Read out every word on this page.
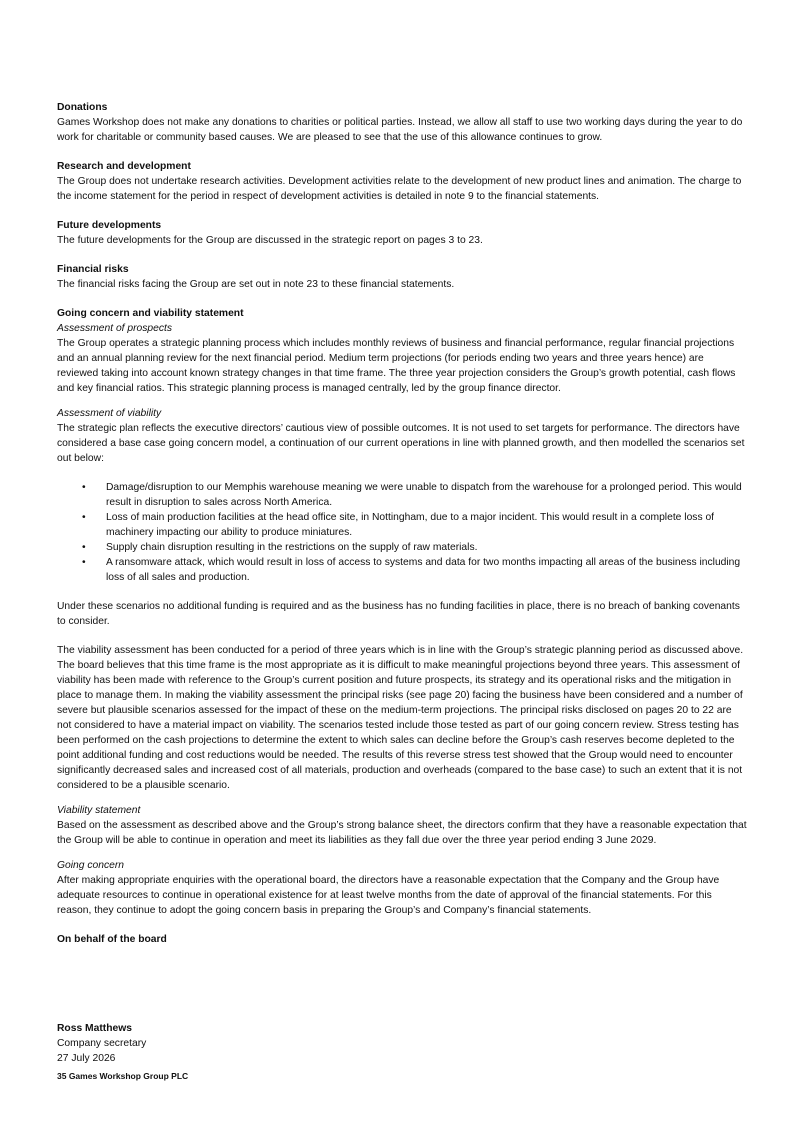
Donations

Games Workshop does not make any donations to charities or political parties. Instead, we allow all staff to use two working days during the year to do work for charitable or community based causes. We are pleased to see that the use of this allowance continues to grow.

Research and development

The Group does not undertake research activities. Development activities relate to the development of new product lines and animation. The charge to the income statement for the period in respect of development activities is detailed in note 9 to the financial statements.

Future developments

The future developments for the Group are discussed in the strategic report on pages 3 to 23.

Financial risks

The financial risks facing the Group are set out in note 23 to these financial statements.

Going concern and viability statement

Assessment of prospects

The Group operates a strategic planning process which includes monthly reviews of business and financial performance, regular financial projections and an annual planning review for the next financial period. Medium term projections (for periods ending two years and three years hence) are reviewed taking into account known strategy changes in that time frame. The three year projection considers the Group’s growth potential, cash flows and key financial ratios. This strategic planning process is managed centrally, led by the group finance director.

Assessment of viability

The strategic plan reflects the executive directors’ cautious view of possible outcomes. It is not used to set targets for performance. The directors have considered a base case going concern model, a continuation of our current operations in line with planned growth, and then modelled the scenarios set out below:

• Damage/disruption to our Memphis warehouse meaning we were unable to dispatch from the warehouse for a prolonged period. This would result in disruption to sales across North America.
• Loss of main production facilities at the head office site, in Nottingham, due to a major incident. This would result in a complete loss of machinery impacting our ability to produce miniatures.
• Supply chain disruption resulting in the restrictions on the supply of raw materials.
• A ransomware attack, which would result in loss of access to systems and data for two months impacting all areas of the business including loss of all sales and production.

Under these scenarios no additional funding is required and as the business has no funding facilities in place, there is no breach of banking covenants to consider.

The viability assessment has been conducted for a period of three years which is in line with the Group’s strategic planning period as discussed above. The board believes that this time frame is the most appropriate as it is difficult to make meaningful projections beyond three years. This assessment of viability has been made with reference to the Group’s current position and future prospects, its strategy and its operational risks and the mitigation in place to manage them. In making the viability assessment the principal risks (see page 20) facing the business have been considered and a number of severe but plausible scenarios assessed for the impact of these on the medium-term projections. The principal risks disclosed on pages 20 to 22 are not considered to have a material impact on viability. The scenarios tested include those tested as part of our going concern review. Stress testing has been performed on the cash projections to determine the extent to which sales can decline before the Group’s cash reserves become depleted to the point additional funding and cost reductions would be needed. The results of this reverse stress test showed that the Group would need to encounter significantly decreased sales and increased cost of all materials, production and overheads (compared to the base case) to such an extent that it is not considered to be a plausible scenario.

Viability statement

Based on the assessment as described above and the Group’s strong balance sheet, the directors confirm that they have a reasonable expectation that the Group will be able to continue in operation and meet its liabilities as they fall due over the three year period ending 3 June 2029.

Going concern

After making appropriate enquiries with the operational board, the directors have a reasonable expectation that the Company and the Group have adequate resources to continue in operational existence for at least twelve months from the date of approval of the financial statements. For this reason, they continue to adopt the going concern basis in preparing the Group’s and Company’s financial statements.

On behalf of the board

Ross Matthews

Company secretary

27 July 2026

35 Games Workshop Group PLC
